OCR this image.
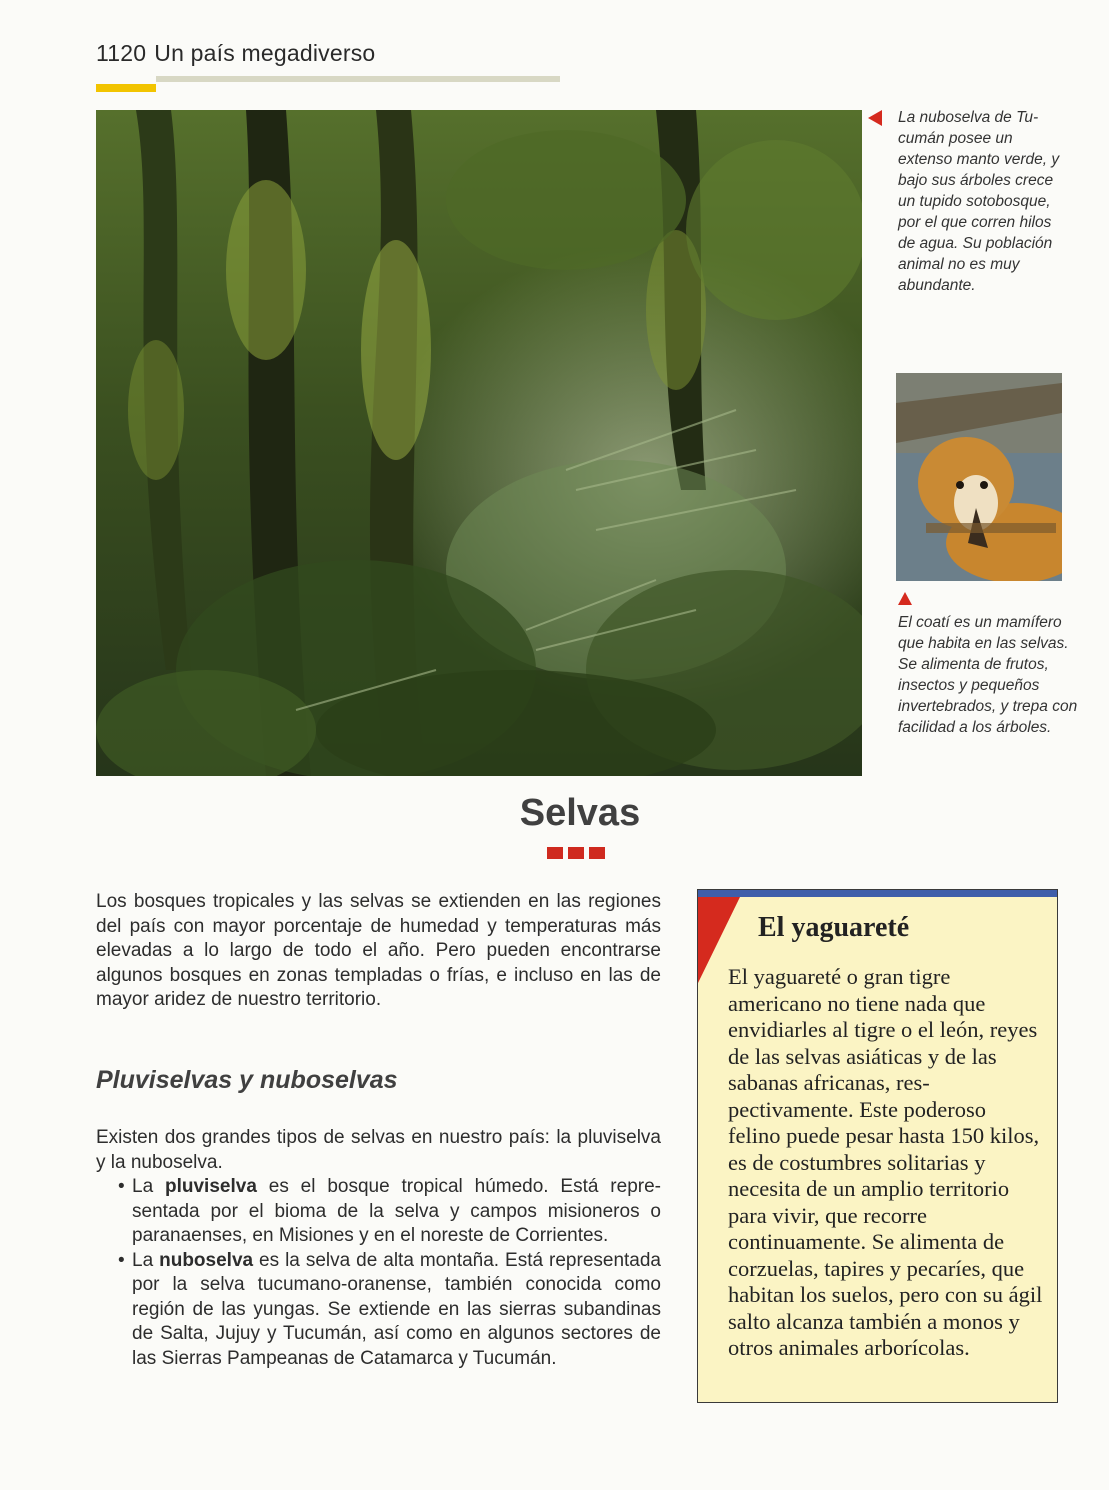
1120 Un país megadiverso
La nuboselva de Tucumán posee un extenso manto verde, y bajo sus árboles crece un tupido sotobosque, por el que corren hilos de agua. Su población animal no es muy abundante.
El coatí es un mamífero que habita en las selvas. Se alimenta de frutos, insectos y pequeños invertebrados, y trepa con facilidad a los árboles.
Selvas
Los bosques tropicales y las selvas se extienden en las regiones del país con mayor porcentaje de humedad y temperaturas más elevadas a lo largo de todo el año. Pero pueden encontrarse algunos bosques en zonas templadas o frías, e incluso en las de mayor aridez de nuestro territorio.
Pluviselvas y nuboselvas
Existen dos grandes tipos de selvas en nuestro país: la pluviselva y la nuboselva.
• La pluviselva es el bosque tropical húmedo. Está representada por el bioma de la selva y campos misioneros o paranaenses, en Misiones y en el noreste de Corrientes.
• La nuboselva es la selva de alta montaña. Está representada por la selva tucumano-oranense, también conocida como región de las yungas. Se extiende en las sierras subandinas de Salta, Jujuy y Tucumán, así como en algunos sectores de las Sierras Pampeanas de Catamarca y Tucumán.
El yaguareté
El yaguareté o gran tigre americano no tiene nada que envidiarles al tigre o el león, reyes de las selvas asiáticas y de las sabanas africanas, respectivamente. Este poderoso felino puede pesar hasta 150 kilos, es de costumbres solitarias y necesita de un amplio territorio para vivir, que recorre continuamente. Se alimenta de corzuelas, tapires y pecaríes, que habitan los suelos, pero con su ágil salto alcanza también a monos y otros animales arborícolas.
